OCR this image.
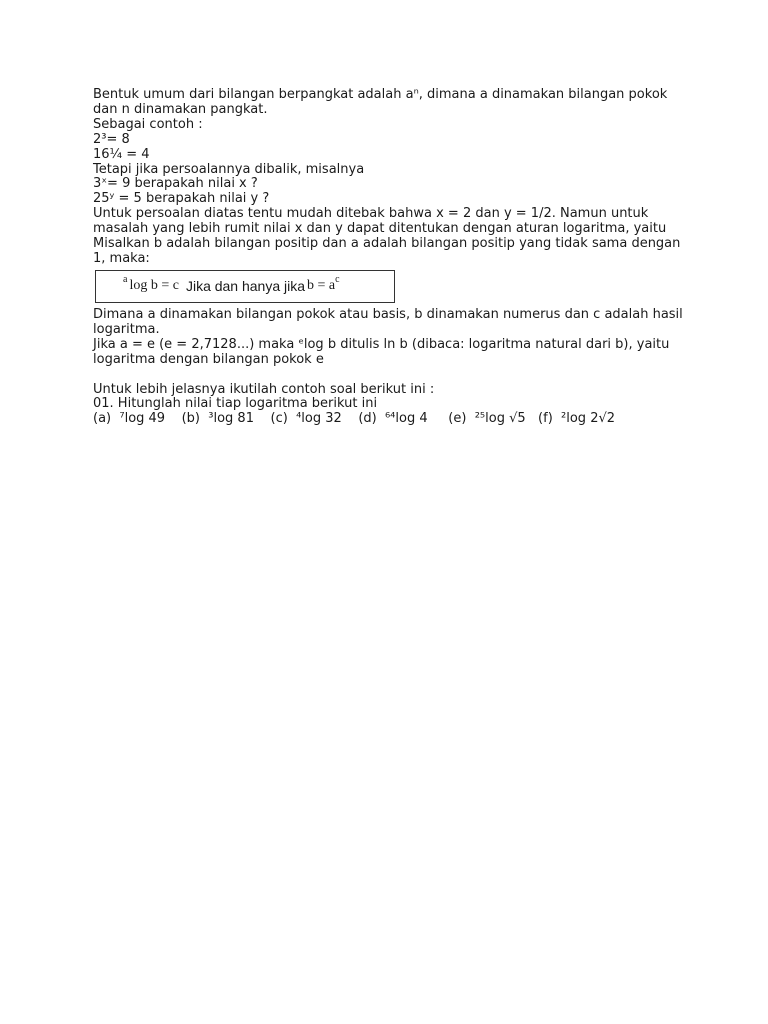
Bentuk umum dari bilangan berpangkat adalah aⁿ, dimana a dinamakan bilangan pokok dan n dinamakan pangkat.
Sebagai contoh :
2³= 8
16¼ = 4
Tetapi jika persoalannya dibalik, misalnya
3ˣ= 9 berapakah nilai x ?
25ʸ = 5 berapakah nilai y ?
Untuk persoalan diatas tentu mudah ditebak bahwa x = 2 dan y = 1/2. Namun untuk masalah yang lebih rumit nilai x dan y dapat ditentukan dengan aturan logaritma, yaitu
Misalkan b adalah bilangan positip dan a adalah bilangan positip yang tidak sama dengan 1, maka:
a log b = c Jika dan hanya jika b = a c
Dimana a dinamakan bilangan pokok atau basis, b dinamakan numerus dan c adalah hasil logaritma.
Jika a = e (e = 2,7128...) maka ᵉlog b ditulis ln b (dibaca: logaritma natural dari b), yaitu logaritma dengan bilangan pokok e
Untuk lebih jelasnya ikutilah contoh soal berikut ini :
01. Hitunglah nilai tiap logaritma berikut ini
(a)  ⁷log 49 (b)  ³log 81 (c)  ⁴log 32 (d)  ⁶⁴log 4 (e)  ²⁵log √5 (f)  ²log 2√2
